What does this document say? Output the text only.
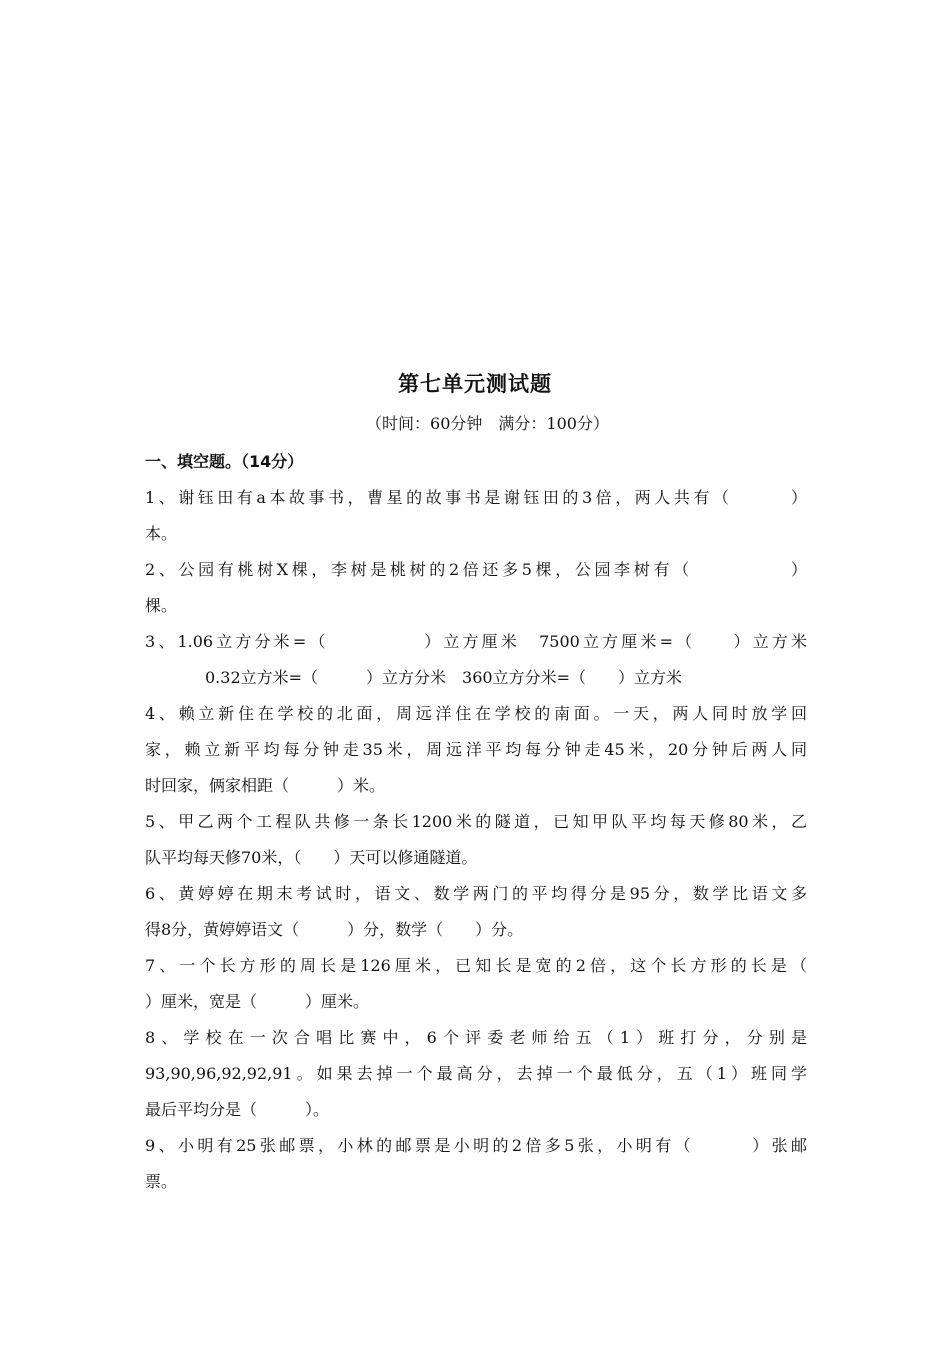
第七单元测试题
（时间：60分钟　满分：100分）
一、填空题。（14分）
1、谢钰田有a本故事书，曹星的故事书是谢钰田的3倍，两人共有（　　　）
本。
2、公园有桃树X棵，李树是桃树的2倍还多5棵，公园李树有（　　　　　）
棵。
3、1.06立方分米=（　　　　　）立方厘米　7500立方厘米=（　　）立方米
0.32立方米=（　　　）立方分米　360立方分米=（　　）立方米
4、赖立新住在学校的北面，周远洋住在学校的南面。一天，两人同时放学回
家，赖立新平均每分钟走35米，周远洋平均每分钟走45米，20分钟后两人同
时回家，俩家相距（　　　）米。
5、甲乙两个工程队共修一条长1200米的隧道，已知甲队平均每天修80米，乙
队平均每天修70米，（　　）天可以修通隧道。
6、黄婷婷在期末考试时，语文、数学两门的平均得分是95分，数学比语文多
得8分，黄婷婷语文（　　　）分，数学（　　）分。
7、一个长方形的周长是126厘米，已知长是宽的2倍，这个长方形的长是（
）厘米，宽是（　　　）厘米。
8、学校在一次合唱比赛中，6个评委老师给五（1）班打分，分别是
93,90,96,92,92,91。如果去掉一个最高分，去掉一个最低分，五（1）班同学
最后平均分是（　　　）。
9、小明有25张邮票，小林的邮票是小明的2倍多5张，小明有（　　　）张邮
票。
